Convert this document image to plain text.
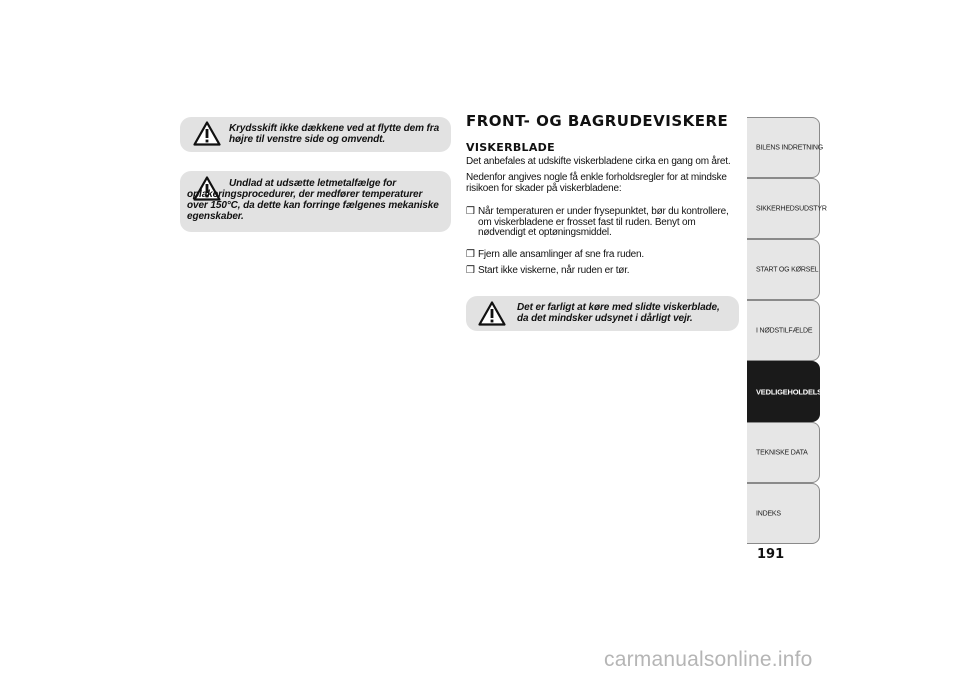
Krydsskift ikke dækkene ved at flytte dem fra højre til venstre side og omvendt.
Undlad at udsætte letmetalfælge for oplakeringsprocedurer, der medfører temperaturer over 150°C, da dette kan forringe fælgenes mekaniske egenskaber.
FRONT- OG BAGRUDEVISKERE
VISKERBLADE
Det anbefales at udskifte viskerbladene cirka en gang om året.
Nedenfor angives nogle få enkle forholdsregler for at mindske risikoen for skader på viskerbladene:
❒ Når temperaturen er under frysepunktet, bør du kontrollere, om viskerbladene er frosset fast til ruden. Benyt om nødvendigt et optøningsmiddel.
❒ Fjern alle ansamlinger af sne fra ruden.
❒ Start ikke viskerne, når ruden er tør.
Det er farligt at køre med slidte viskerblade, da det mindsker udsynet i dårligt vejr.
BILENS INDRETNING
SIKKERHEDSUDSTYR
START OG KØRSEL
I NØDSTILFÆLDE
VEDLIGEHOLDELSE
TEKNISKE DATA
INDEKS
191
carmanualsonline.info
